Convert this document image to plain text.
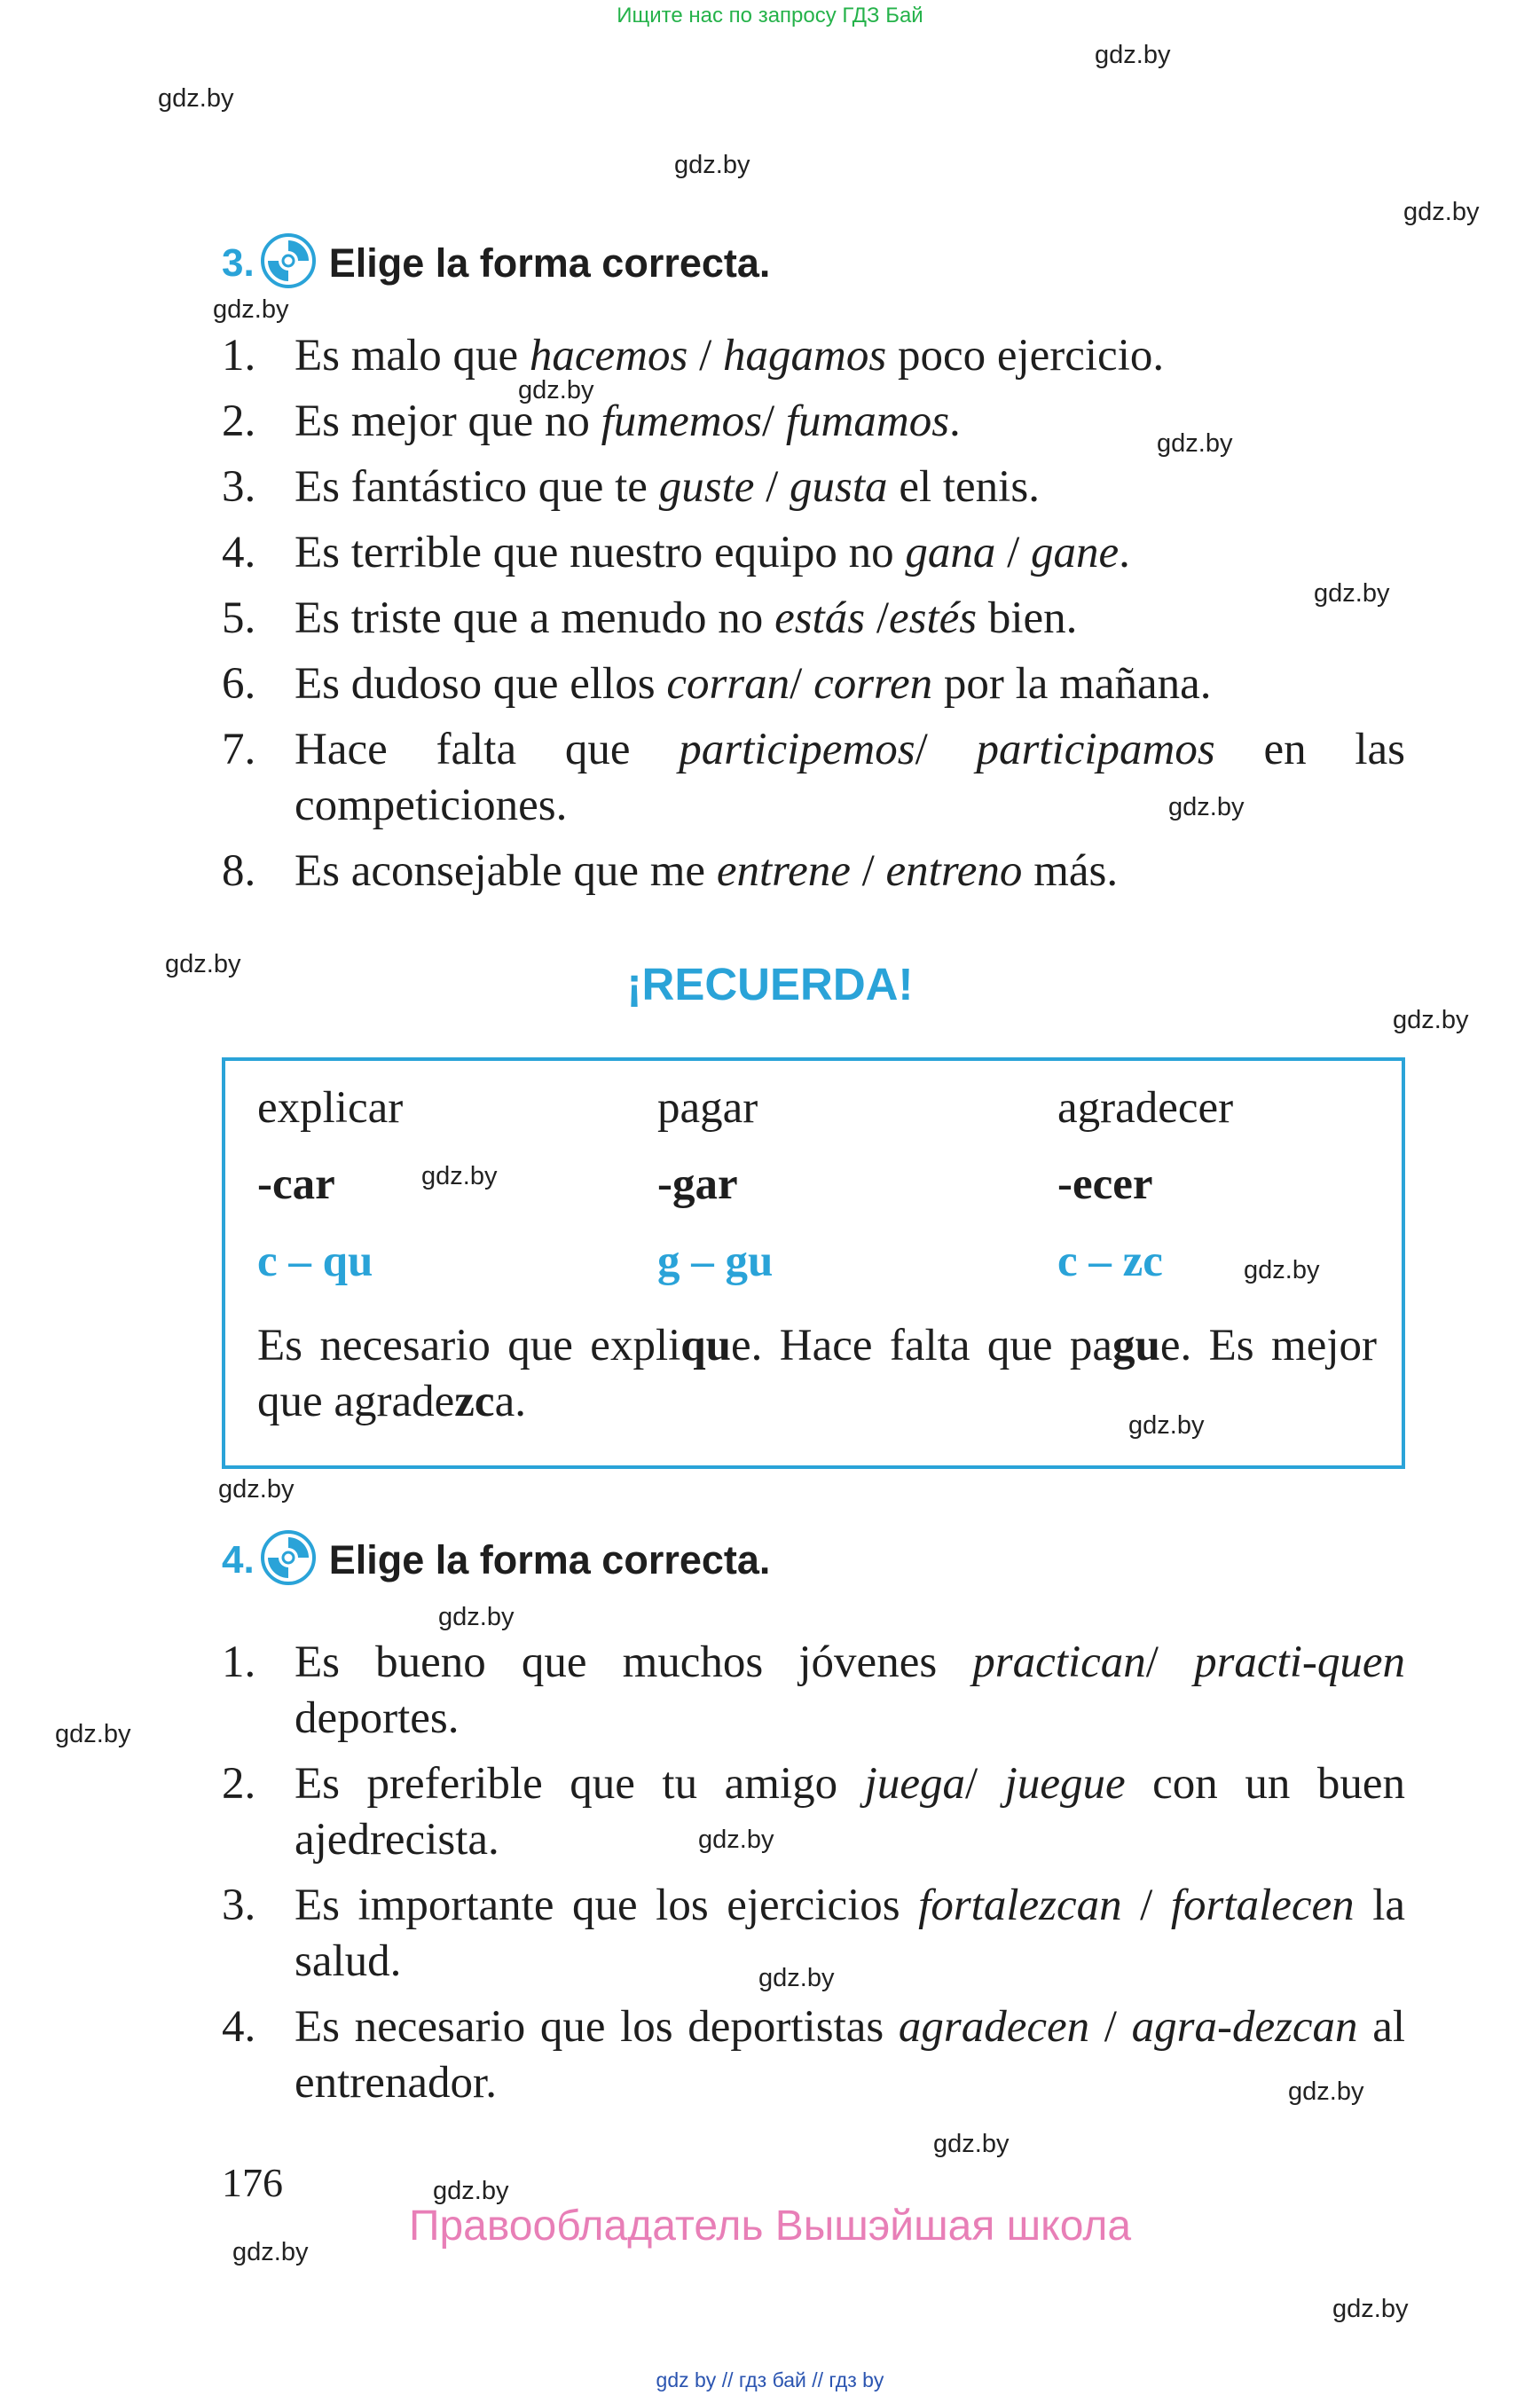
Ищите нас по запросу ГДЗ Бай
gdz.by
gdz.by
gdz.by
gdz.by
gdz.by
gdz.by
gdz.by
gdz.by
gdz.by
gdz.by
gdz.by
gdz.by
gdz.by
gdz.by
gdz.by
gdz.by
gdz.by
gdz.by
gdz.by
gdz.by
gdz.by
gdz.by
gdz.by
gdz.by
3. Elige la forma correcta.
1. Es malo que hacemos / hagamos poco ejercicio.
2. Es mejor que no fumemos/ fumamos.
3. Es fantástico que te guste / gusta el tenis.
4. Es terrible que nuestro equipo no gana / gane.
5. Es triste que a menudo no estás /estés bien.
6. Es dudoso que ellos corran/ corren por la mañana.
7. Hace falta que participemos/ participamos en las competiciones.
8. Es aconsejable que me entrene / entreno más.
¡RECUERDA!
explicar	pagar	agradecer
-car	-gar	-ecer
c – qu	g – gu	c – zc
Es necesario que explique. Hace falta que pague. Es mejor que agradezca.
4. Elige la forma correcta.
1. Es bueno que muchos jóvenes practican/ practi-quen deportes.
2. Es preferible que tu amigo juega/ juegue con un buen ajedrecista.
3. Es importante que los ejercicios fortalezcan / fortalecen la salud.
4. Es necesario que los deportistas agradecen / agra-dezcan al entrenador.
176
Правообладатель Вышэйшая школа
gdz by // гдз бай // гдз by
